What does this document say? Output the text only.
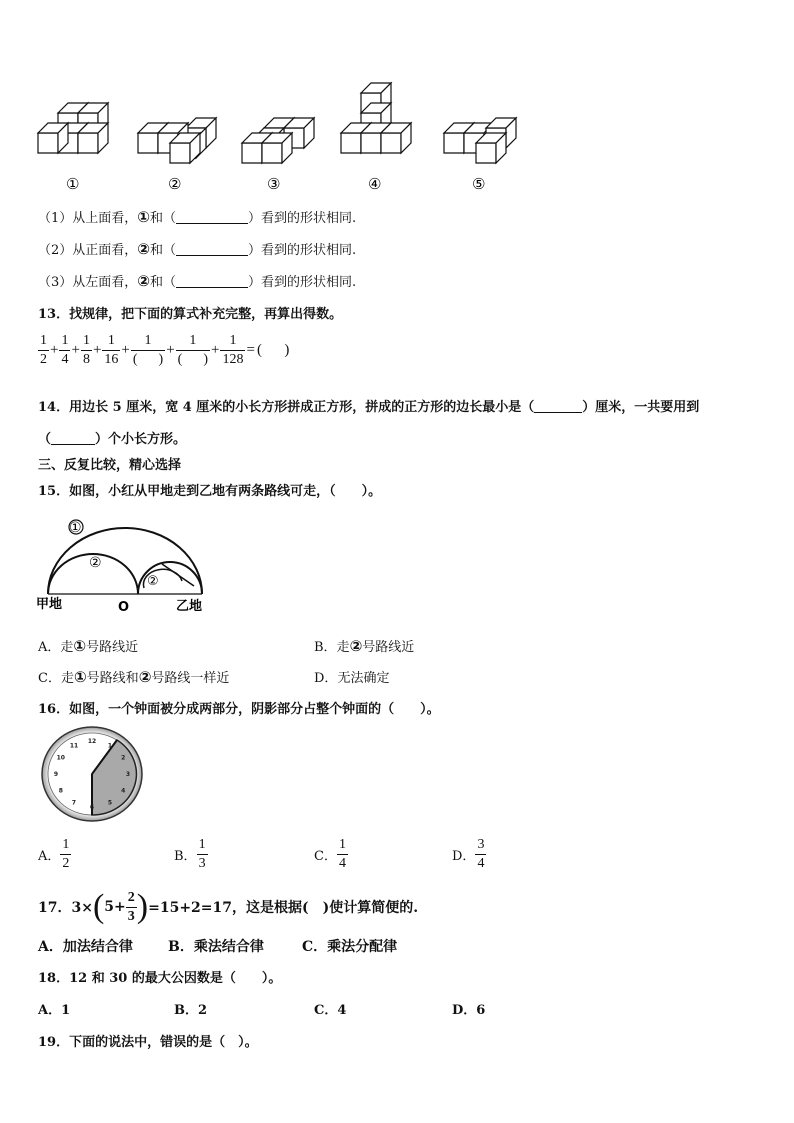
①	②	③	④	⑤
（1）从上面看，①和（	）看到的形状相同.
（2）从正面看，②和（	）看到的形状相同.
（3）从左面看，②和（	）看到的形状相同.
13．找规律，把下面的算式补充完整，再算出得数。
$\frac{1}{2} + \frac{1}{4} + \frac{1}{8} + \frac{1}{16} + \frac{1}{( )} + \frac{1}{( )} + \frac{1}{128}$ = (      )
14．用边长 5 厘米，宽 4 厘米的小长方形拼成正方形，拼成的正方形的边长最小是（	）厘米，一共要用到
（	）个小长方形。
三、反复比较，精心选择
15．如图，小红从甲地走到乙地有两条路线可走，（　　）。
①
②
②
甲地	O	乙地
A．走①号路线近	B．走②号路线近
C．走①号路线和②号路线一样近	D．无法确定
16．如图，一个钟面被分成两部分，阴影部分占整个钟面的（　　）。
12
1
2
3
4
5
6
7
8
9
10
11
A． $\frac{1}{2}$	B． $\frac{1}{3}$	C． $\frac{1}{4}$	D． $\frac{3}{4}$
17．$3\times(5+ \frac{2}{3} )=15+2=17$，这是根据(　)使计算简便的.
A．加法结合律	B．乘法结合律	C．乘法分配律
18．12 和 30 的最大公因数是（　　）。
A．1	B．2	C．4	D．6
19．下面的说法中，错误的是（　）。
